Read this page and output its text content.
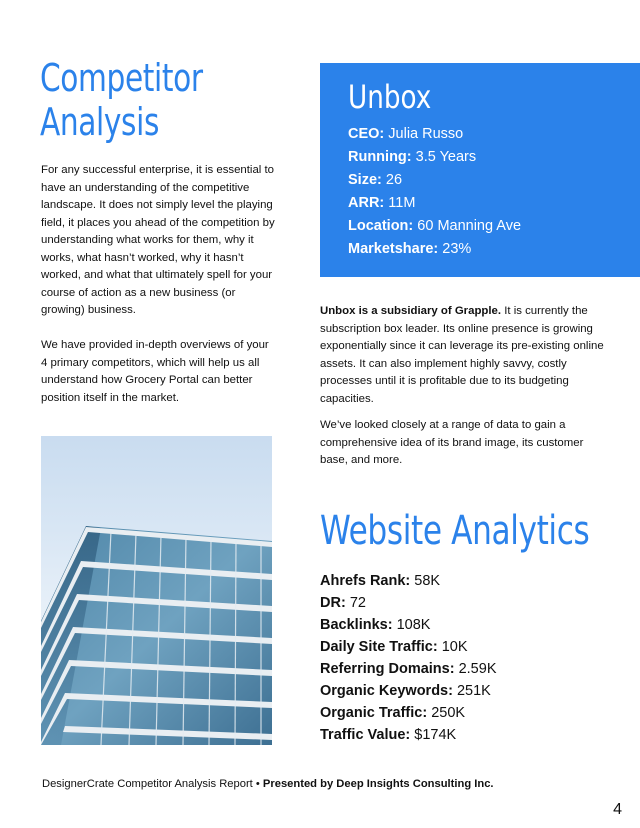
Competitor
Analysis

For any successful enterprise, it is essential to have an understanding of the competitive landscape. It does not simply level the playing field, it places you ahead of the competition by understanding what works for them, why it works, what hasn’t worked, why it hasn’t worked, and what that ultimately spell for your course of action as a new business (or growing) business.

We have provided in-depth overviews of your 4 primary competitors, which will help us all understand how Grocery Portal can better position itself in the market.

Unbox
CEO: Julia Russo
Running: 3.5 Years
Size: 26
ARR: 11M
Location: 60 Manning Ave
Marketshare: 23%

Unbox is a subsidiary of Grapple. It is currently the subscription box leader. Its online presence is growing exponentially since it can leverage its pre-existing online assets. It can also implement highly savvy, costly processes until it is profitable due to its budgeting capacities.

We’ve looked closely at a range of data to gain a comprehensive idea of its brand image, its customer base, and more.

Website Analytics
Ahrefs Rank: 58K
DR: 72
Backlinks: 108K
Daily Site Traffic: 10K
Referring Domains: 2.59K
Organic Keywords: 251K
Organic Traffic: 250K
Traffic Value: $174K
DesignerCrate Competitor Analysis Report • Presented by Deep Insights Consulting Inc.
4
